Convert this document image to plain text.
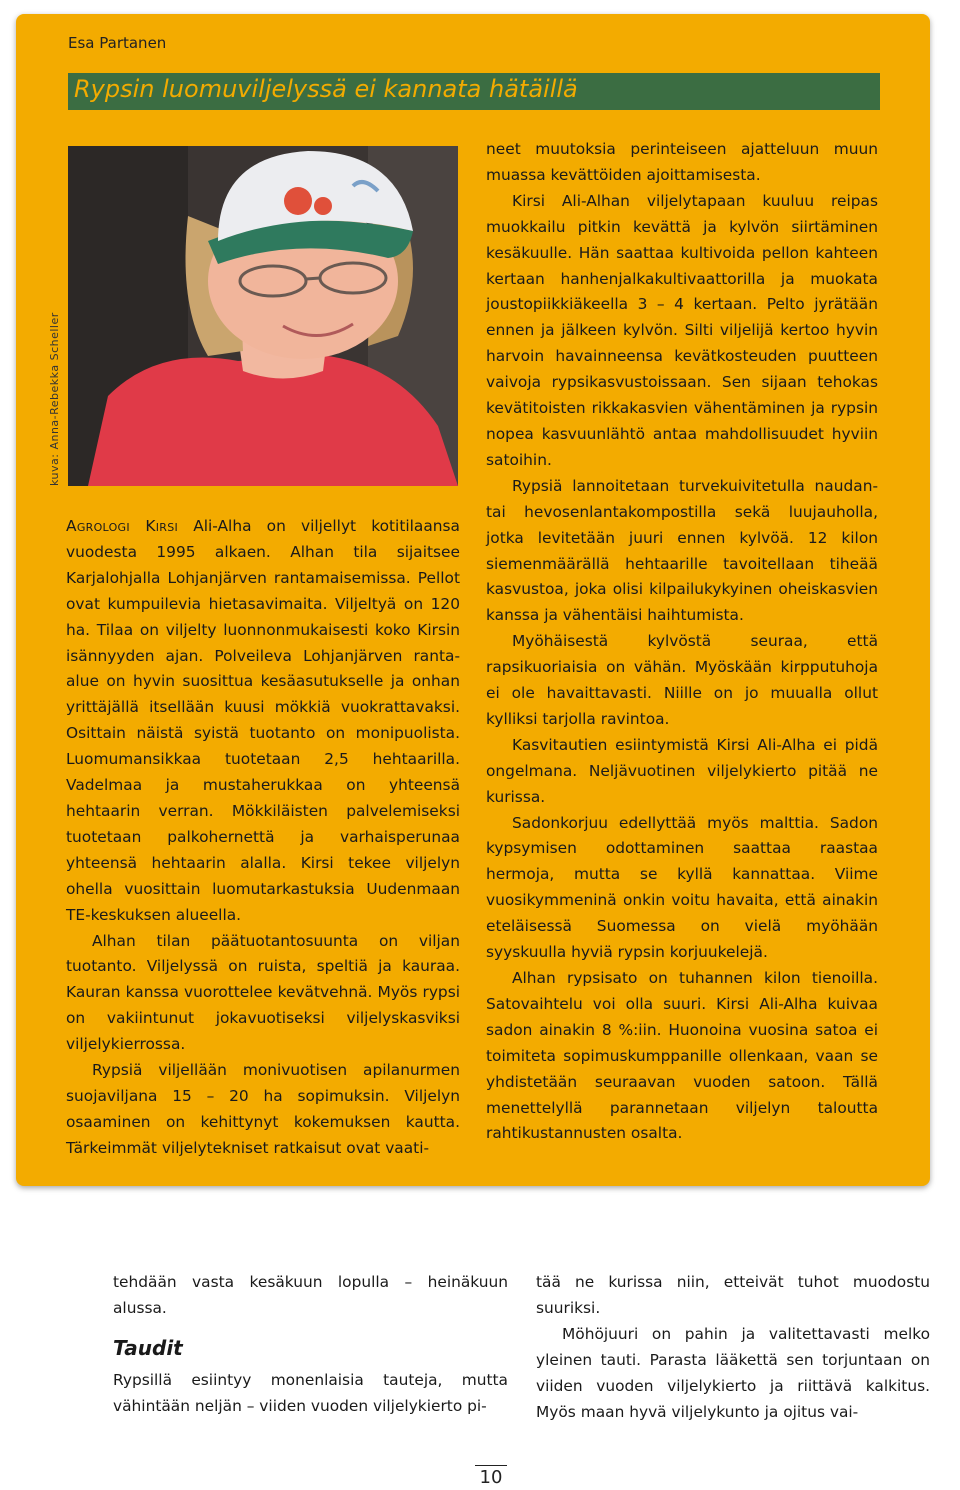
Esa Partanen
Rypsin luomuviljelyssä ei kannata hätäillä
kuva: Anna-Rebekka Scheller

Agrologi Kirsi Ali-Alha on viljellyt kotitilaansa vuodesta 1995 alkaen. Alhan tila sijaitsee Karjalohjalla Lohjanjärven rantamaisemissa. Pellot ovat kumpuilevia hietasavimaita. Viljeltyä on 120 ha. Tilaa on viljelty luonnonmukaisesti koko Kirsin isännyyden ajan. Polveileva Lohjanjärven ranta-alue on hyvin suosittua kesäasutukselle ja onhan yrittäjällä itsellään kuusi mökkiä vuokrattavaksi. Osittain näistä syistä tuotanto on monipuolista. Luomumansikkaa tuotetaan 2,5 hehtaarilla. Vadelmaa ja mustaherukkaa on yhteensä hehtaarin verran. Mökkiläisten palvelemiseksi tuotetaan palkohernettä ja varhaisperunaa yhteensä hehtaarin alalla. Kirsi tekee viljelyn ohella vuosittain luomutarkastuksia Uudenmaan TE-keskuksen alueella.

Alhan tilan päätuotantosuunta on viljan tuotanto. Viljelyssä on ruista, speltiä ja kauraa. Kauran kanssa vuorottelee kevätvehnä. Myös rypsi on vakiintunut jokavuotiseksi viljelyskasviksi viljelykierrossa.

Rypsiä viljellään monivuotisen apilanurmen suojaviljana 15 – 20 ha sopimuksin. Viljelyn osaaminen on kehittynyt kokemuksen kautta. Tärkeimmät viljelytekniset ratkaisut ovat vaati-

neet muutoksia perinteiseen ajatteluun muun muassa kevättöiden ajoittamisesta.

Kirsi Ali-Alhan viljelytapaan kuuluu reipas muokkailu pitkin kevättä ja kylvön siirtäminen kesäkuulle. Hän saattaa kultivoida pellon kahteen kertaan hanhenjalkakultivaattorilla ja muokata joustopiikkiäkeella 3 – 4 kertaan. Pelto jyrätään ennen ja jälkeen kylvön. Silti viljelijä kertoo hyvin harvoin havainneensa kevätkosteuden puutteen vaivoja rypsikasvustoissaan. Sen sijaan tehokas kevätitoisten rikkakasvien vähentäminen ja rypsin nopea kasvuunlähtö antaa mahdollisuudet hyviin satoihin.

Rypsiä lannoitetaan turvekuivitetulla naudan- tai hevosenlantakompostilla sekä luujauholla, jotka levitetään juuri ennen kylvöä. 12 kilon siemenmäärällä hehtaarille tavoitellaan tiheää kasvustoa, joka olisi kilpailukykyinen oheiskasvien kanssa ja vähentäisi haihtumista.

Myöhäisestä kylvöstä seuraa, että rapsikuoriaisia on vähän. Myöskään kirpputuhoja ei ole havaittavasti. Niille on jo muualla ollut kylliksi tarjolla ravintoa.

Kasvitautien esiintymistä Kirsi Ali-Alha ei pidä ongelmana. Neljävuotinen viljelykierto pitää ne kurissa.

Sadonkorjuu edellyttää myös malttia. Sadon kypsymisen odottaminen saattaa raastaa hermoja, mutta se kyllä kannattaa. Viime vuosikymmeninä onkin voitu havaita, että ainakin eteläisessä Suomessa on vielä myöhään syyskuulla hyviä rypsin korjuukelejä.

Alhan rypsisato on tuhannen kilon tienoilla. Satovaihtelu voi olla suuri. Kirsi Ali-Alha kuivaa sadon ainakin 8 %:iin. Huonoina vuosina satoa ei toimiteta sopimuskumppanille ollenkaan, vaan se yhdistetään seuraavan vuoden satoon. Tällä menettelyllä parannetaan viljelyn taloutta rahtikustannusten osalta.

tehdään vasta kesäkuun lopulla – heinäkuun alussa.

Taudit

Rypsillä esiintyy monenlaisia tauteja, mutta vähintään neljän – viiden vuoden viljelykierto pi-

tää ne kurissa niin, etteivät tuhot muodostu suuriksi.

Möhöjuuri on pahin ja valitettavasti melko yleinen tauti. Parasta lääkettä sen torjuntaan on viiden vuoden viljelykierto ja riittävä kalkitus. Myös maan hyvä viljelykunto ja ojitus vai-

10
